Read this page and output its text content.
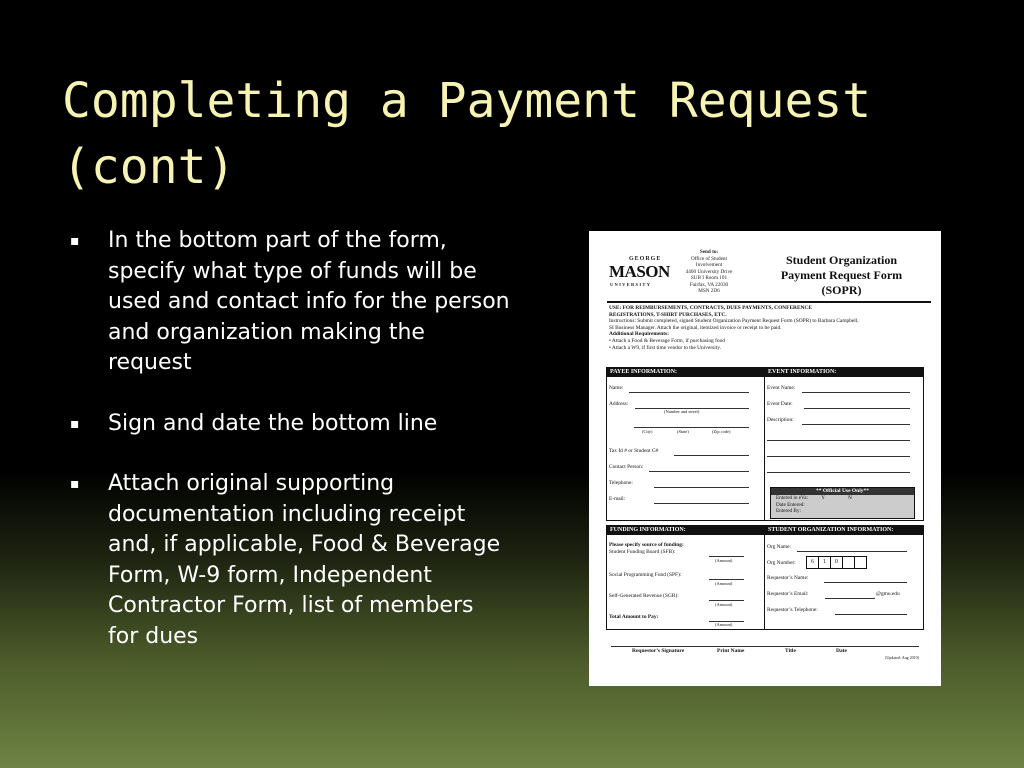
Completing a Payment Request (cont)
▪ In the bottom part of the form, specify what type of funds will be used and contact info for the person and organization making the request
▪ Sign and date the bottom line
▪ Attach original supporting documentation including receipt and, if applicable, Food & Beverage Form, W-9 form, Independent Contractor Form, list of members for dues
GEORGE
MASON
UNIVERSITY
Send to:
Office of Student
Involvement
4400 University Drive
SUB I Room 101
Fairfax, VA 22030
MSN 2D6
Student Organization
Payment Request Form
(SOPR)
USE: FOR REIMBURSEMENTS, CONTRACTS, DUES PAYMENTS, CONFERENCE
REGISTRATIONS, T-SHIRT PURCHASES, ETC.
Instructions: Submit completed, signed Student Organization Payment Request Form (SOPR) to Barbara Campbell,
SI Business Manager. Attach the original, itemized invoice or receipt to be paid.
Additional Requirements:
• Attach a Food & Beverage Form, if purchasing food
• Attach a W9, if first time vendor to the University.
PAYEE INFORMATION:
Name:
Address:
(Number and street)
(City)	(State)	(Zip code)
Tax Id # or Student G#
Contact Person:
Telephone:
E-mail:
EVENT INFORMATION:
Event Name:
Event Date:
Description:
** Official Use Only**
Entered in eVa:	Y	N
Date Entered:
Entered By:
FUNDING INFORMATION:
Please specify source of funding:
Student Funding Board (SFB):
(Amount)
Social Programming Fund (SPF):
(Amount)
Self-Generated Revenue (SGR):
(Amount)
Total Amount to Pay:
(Amount)
STUDENT ORGANIZATION INFORMATION:
Org Name:
Org Number:	6	1	0
Requestor’s Name:
Requestor’s Email:	@gmu.edu
Requestor’s Telephone:
Requestor’s Signature	Print Name	Title	Date
(Updated: Aug 2010)
